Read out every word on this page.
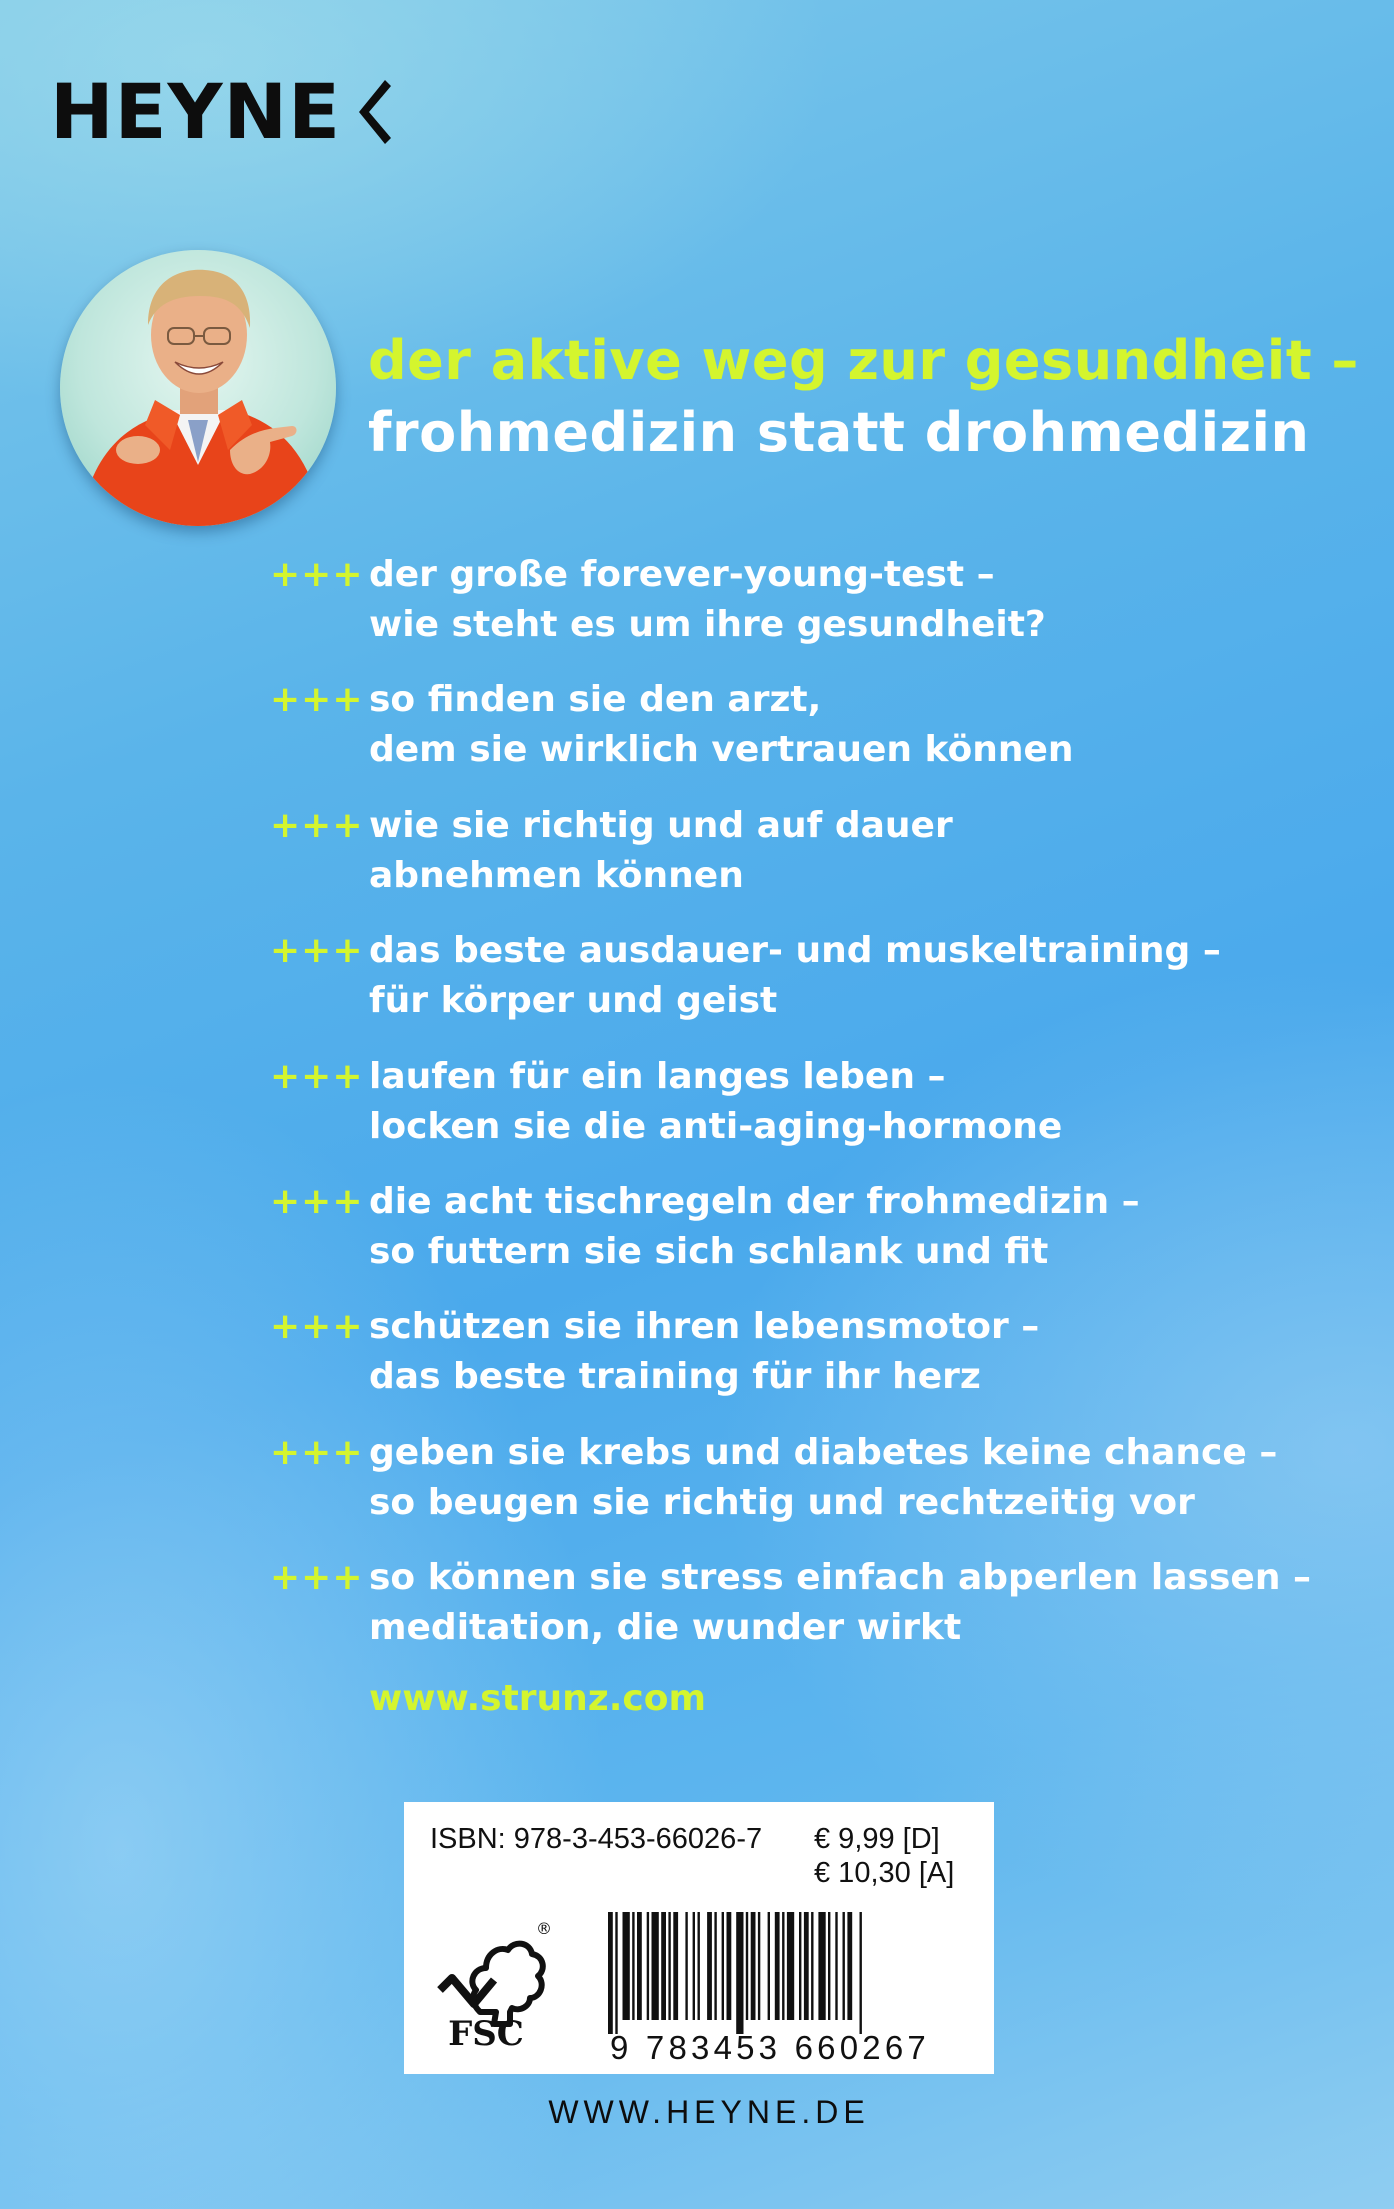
HEYNE
der aktive weg zur gesundheit –
frohmedizin statt drohmedizin
+++ der große forever-young-test –
wie steht es um ihre gesundheit?
+++ so finden sie den arzt,
dem sie wirklich vertrauen können
+++ wie sie richtig und auf dauer
abnehmen können
+++ das beste ausdauer- und muskeltraining –
für körper und geist
+++ laufen für ein langes leben –
locken sie die anti-aging-hormone
+++ die acht tischregeln der frohmedizin –
so futtern sie sich schlank und fit
+++ schützen sie ihren lebensmotor –
das beste training für ihr herz
+++ geben sie krebs und diabetes keine chance –
so beugen sie richtig und rechtzeitig vor
+++ so können sie stress einfach abperlen lassen –
meditation, die wunder wirkt
www.strunz.com
ISBN: 978-3-453-66026-7 € 9,99 [D]
€ 10,30 [A]
®
FSC	9 783453 660267
WWW.HEYNE.DE
